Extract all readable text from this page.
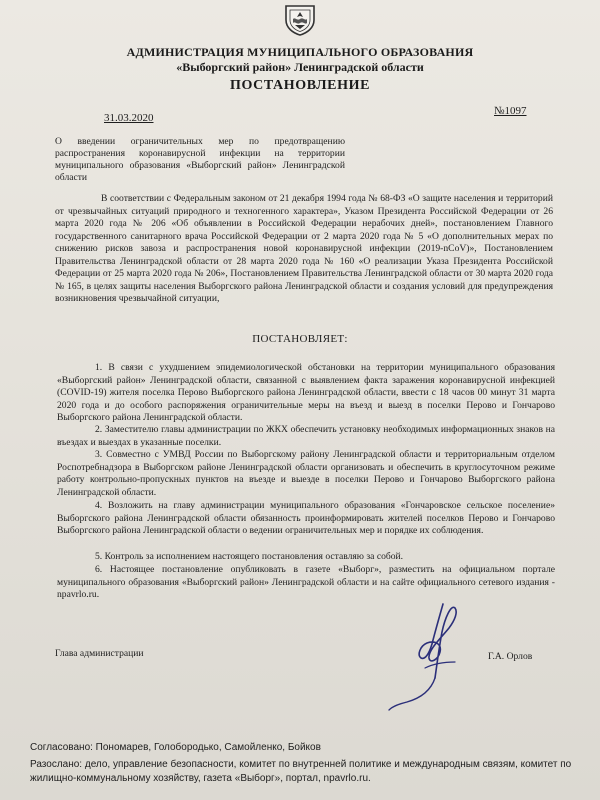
АДМИНИСТРАЦИЯ МУНИЦИПАЛЬНОГО ОБРАЗОВАНИЯ
«Выборгский район» Ленинградской области
ПОСТАНОВЛЕНИЕ
31.03.2020
№1097
О введении ограничительных мер по предотвращению распространения коронавирусной инфекции на территории муниципального образования «Выборгский район» Ленинградской области
В соответствии с Федеральным законом от 21 декабря 1994 года № 68-ФЗ «О защите населения и территорий от чрезвычайных ситуаций природного и техногенного характера», Указом Президента Российской Федерации от 26 марта 2020 года № 206 «Об объявлении в Российской Федерации нерабочих дней», постановлением Главного государственного санитарного врача Российской Федерации от 2 марта 2020 года № 5 «О дополнительных мерах по снижению рисков завоза и распространения новой коронавирусной инфекции (2019-nCoV)», Постановлением Правительства Ленинградской области от 28 марта 2020 года № 160 «О реализации Указа Президента Российской Федерации от 25 марта 2020 года № 206», Постановлением Правительства Ленинградской области от 30 марта 2020 года № 165, в целях защиты населения Выборгского района Ленинградской области и создания условий для предупреждения возникновения чрезвычайной ситуации,
ПОСТАНОВЛЯЕТ:
1. В связи с ухудшением эпидемиологической обстановки на территории муниципального образования «Выборгский район» Ленинградской области, связанной с выявлением факта заражения коронавирусной инфекцией (COVID-19) жителя поселка Перово Выборгского района Ленинградской области, ввести с 18 часов 00 минут 31 марта 2020 года и до особого распоряжения ограничительные меры на въезд и выезд в поселки Перово и Гончарово Выборгского района Ленинградской области.
2. Заместителю главы администрации по ЖКХ обеспечить установку необходимых информационных знаков на въездах и выездах в указанные поселки.
3. Совместно с УМВД России по Выборгскому району Ленинградской области и территориальным отделом Роспотребнадзора в Выборгском районе Ленинградской области организовать и обеспечить в круглосуточном режиме работу контрольно-пропускных пунктов на въезде и выезде в поселки Перово и Гончарово Выборгского района Ленинградской области.
4. Возложить на главу администрации муниципального образования «Гончаровское сельское поселение» Выборгского района Ленинградской области обязанность проинформировать жителей поселков Перово и Гончарово Выборгского района Ленинградской области о ведении ограничительных мер и порядке их соблюдения.
5. Контроль за исполнением настоящего постановления оставляю за собой.
6. Настоящее постановление опубликовать в газете «Выборг», разместить на официальном портале муниципального образования «Выборгский район» Ленинградской области и на сайте официального сетевого издания - npavrlo.ru.
Глава администрации	Г.А. Орлов
Согласовано: Пономарев, Голобородько, Самойленко, Бойков
Разослано: дело, управление безопасности, комитет по внутренней политике и международным связям, комитет по жилищно-коммунальному хозяйству, газета «Выборг», портал, npavrlo.ru.
